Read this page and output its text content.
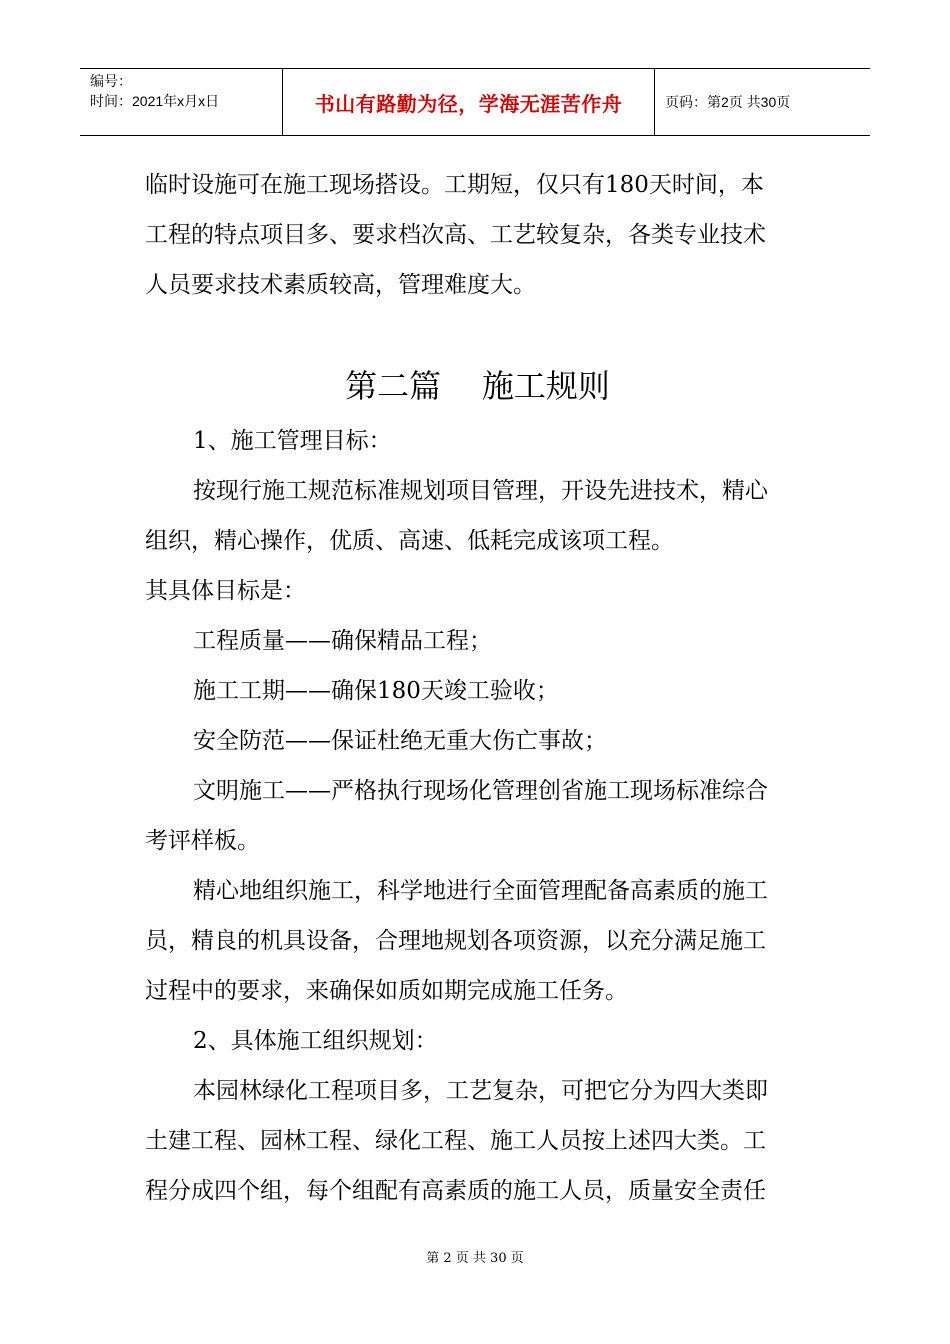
编号：
时间：2021年x月x日	书山有路勤为径，学海无涯苦作舟	页码：第2页 共30页

临时设施可在施工现场搭设。工期短，仅只有180天时间，本

工程的特点项目多、要求档次高、工艺较复杂，各类专业技术

人员要求技术素质较高，管理难度大。

第二篇    施工规则

1、施工管理目标：

按现行施工规范标准规划项目管理，开设先进技术，精心

组织，精心操作，优质、高速、低耗完成该项工程。

其具体目标是：

工程质量——确保精品工程；

施工工期——确保180天竣工验收；

安全防范——保证杜绝无重大伤亡事故；

文明施工——严格执行现场化管理创省施工现场标准综合

考评样板。

精心地组织施工，科学地进行全面管理配备高素质的施工

员，精良的机具设备，合理地规划各项资源，以充分满足施工

过程中的要求，来确保如质如期完成施工任务。

2、具体施工组织规划：

本园林绿化工程项目多，工艺复杂，可把它分为四大类即

土建工程、园林工程、绿化工程、施工人员按上述四大类。工

程分成四个组，每个组配有高素质的施工人员，质量安全责任

第 2 页 共 30 页
